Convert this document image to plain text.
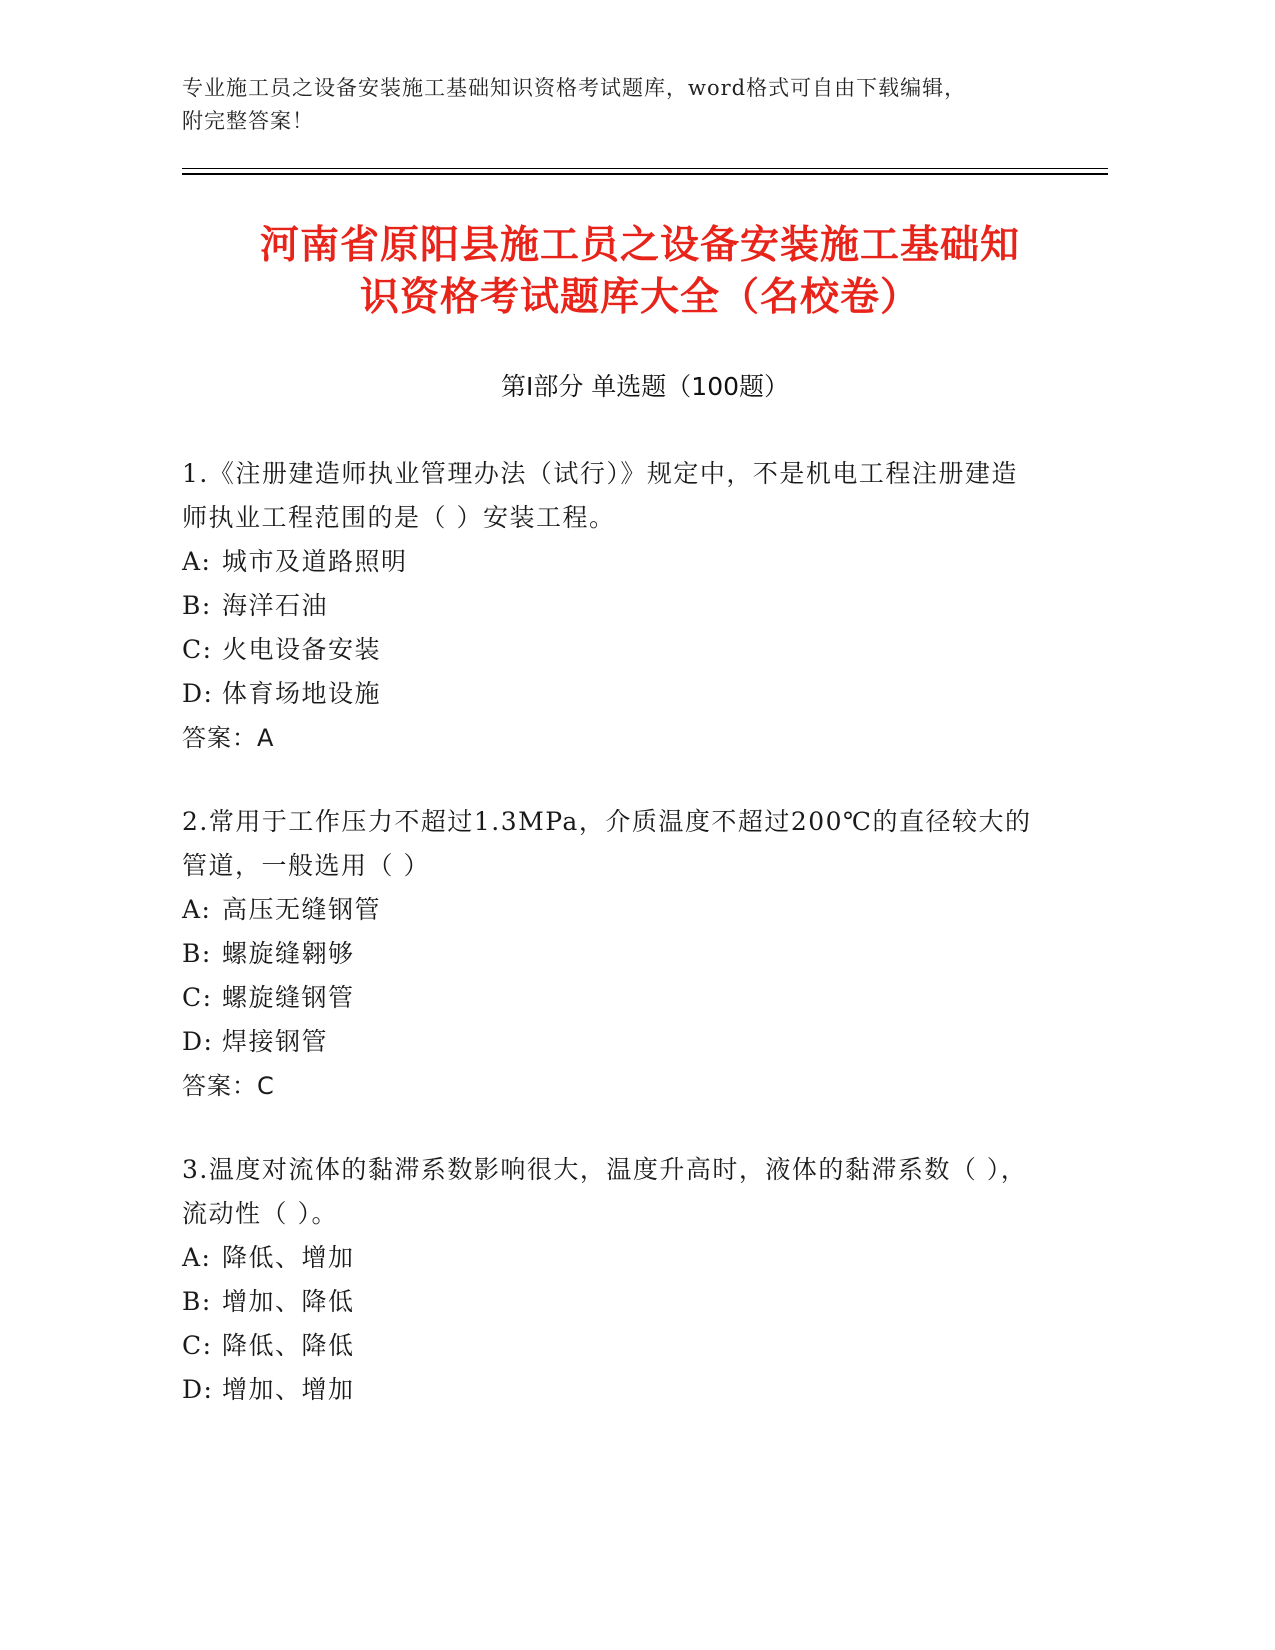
专业施工员之设备安装施工基础知识资格考试题库，word格式可自由下载编辑，
附完整答案！
河南省原阳县施工员之设备安装施工基础知
识资格考试题库大全（名校卷）
第Ⅰ部分 单选题（100题）

1.《注册建造师执业管理办法（试行）》规定中，不是机电工程注册建造师执业工程范围的是（ ）安装工程。

A: 城市及道路照明

B: 海洋石油

C: 火电设备安装

D: 体育场地设施

答案：A

2.常用于工作压力不超过1.3MPa，介质温度不超过200℃的直径较大的管道，一般选用（ ）

A: 高压无缝钢管

B: 螺旋缝翱够

C: 螺旋缝钢管

D: 焊接钢管

答案：C

3.温度对流体的黏滞系数影响很大，温度升高时，液体的黏滞系数（ ），流动性（ ）。

A: 降低、增加

B: 增加、降低

C: 降低、降低

D: 增加、增加
